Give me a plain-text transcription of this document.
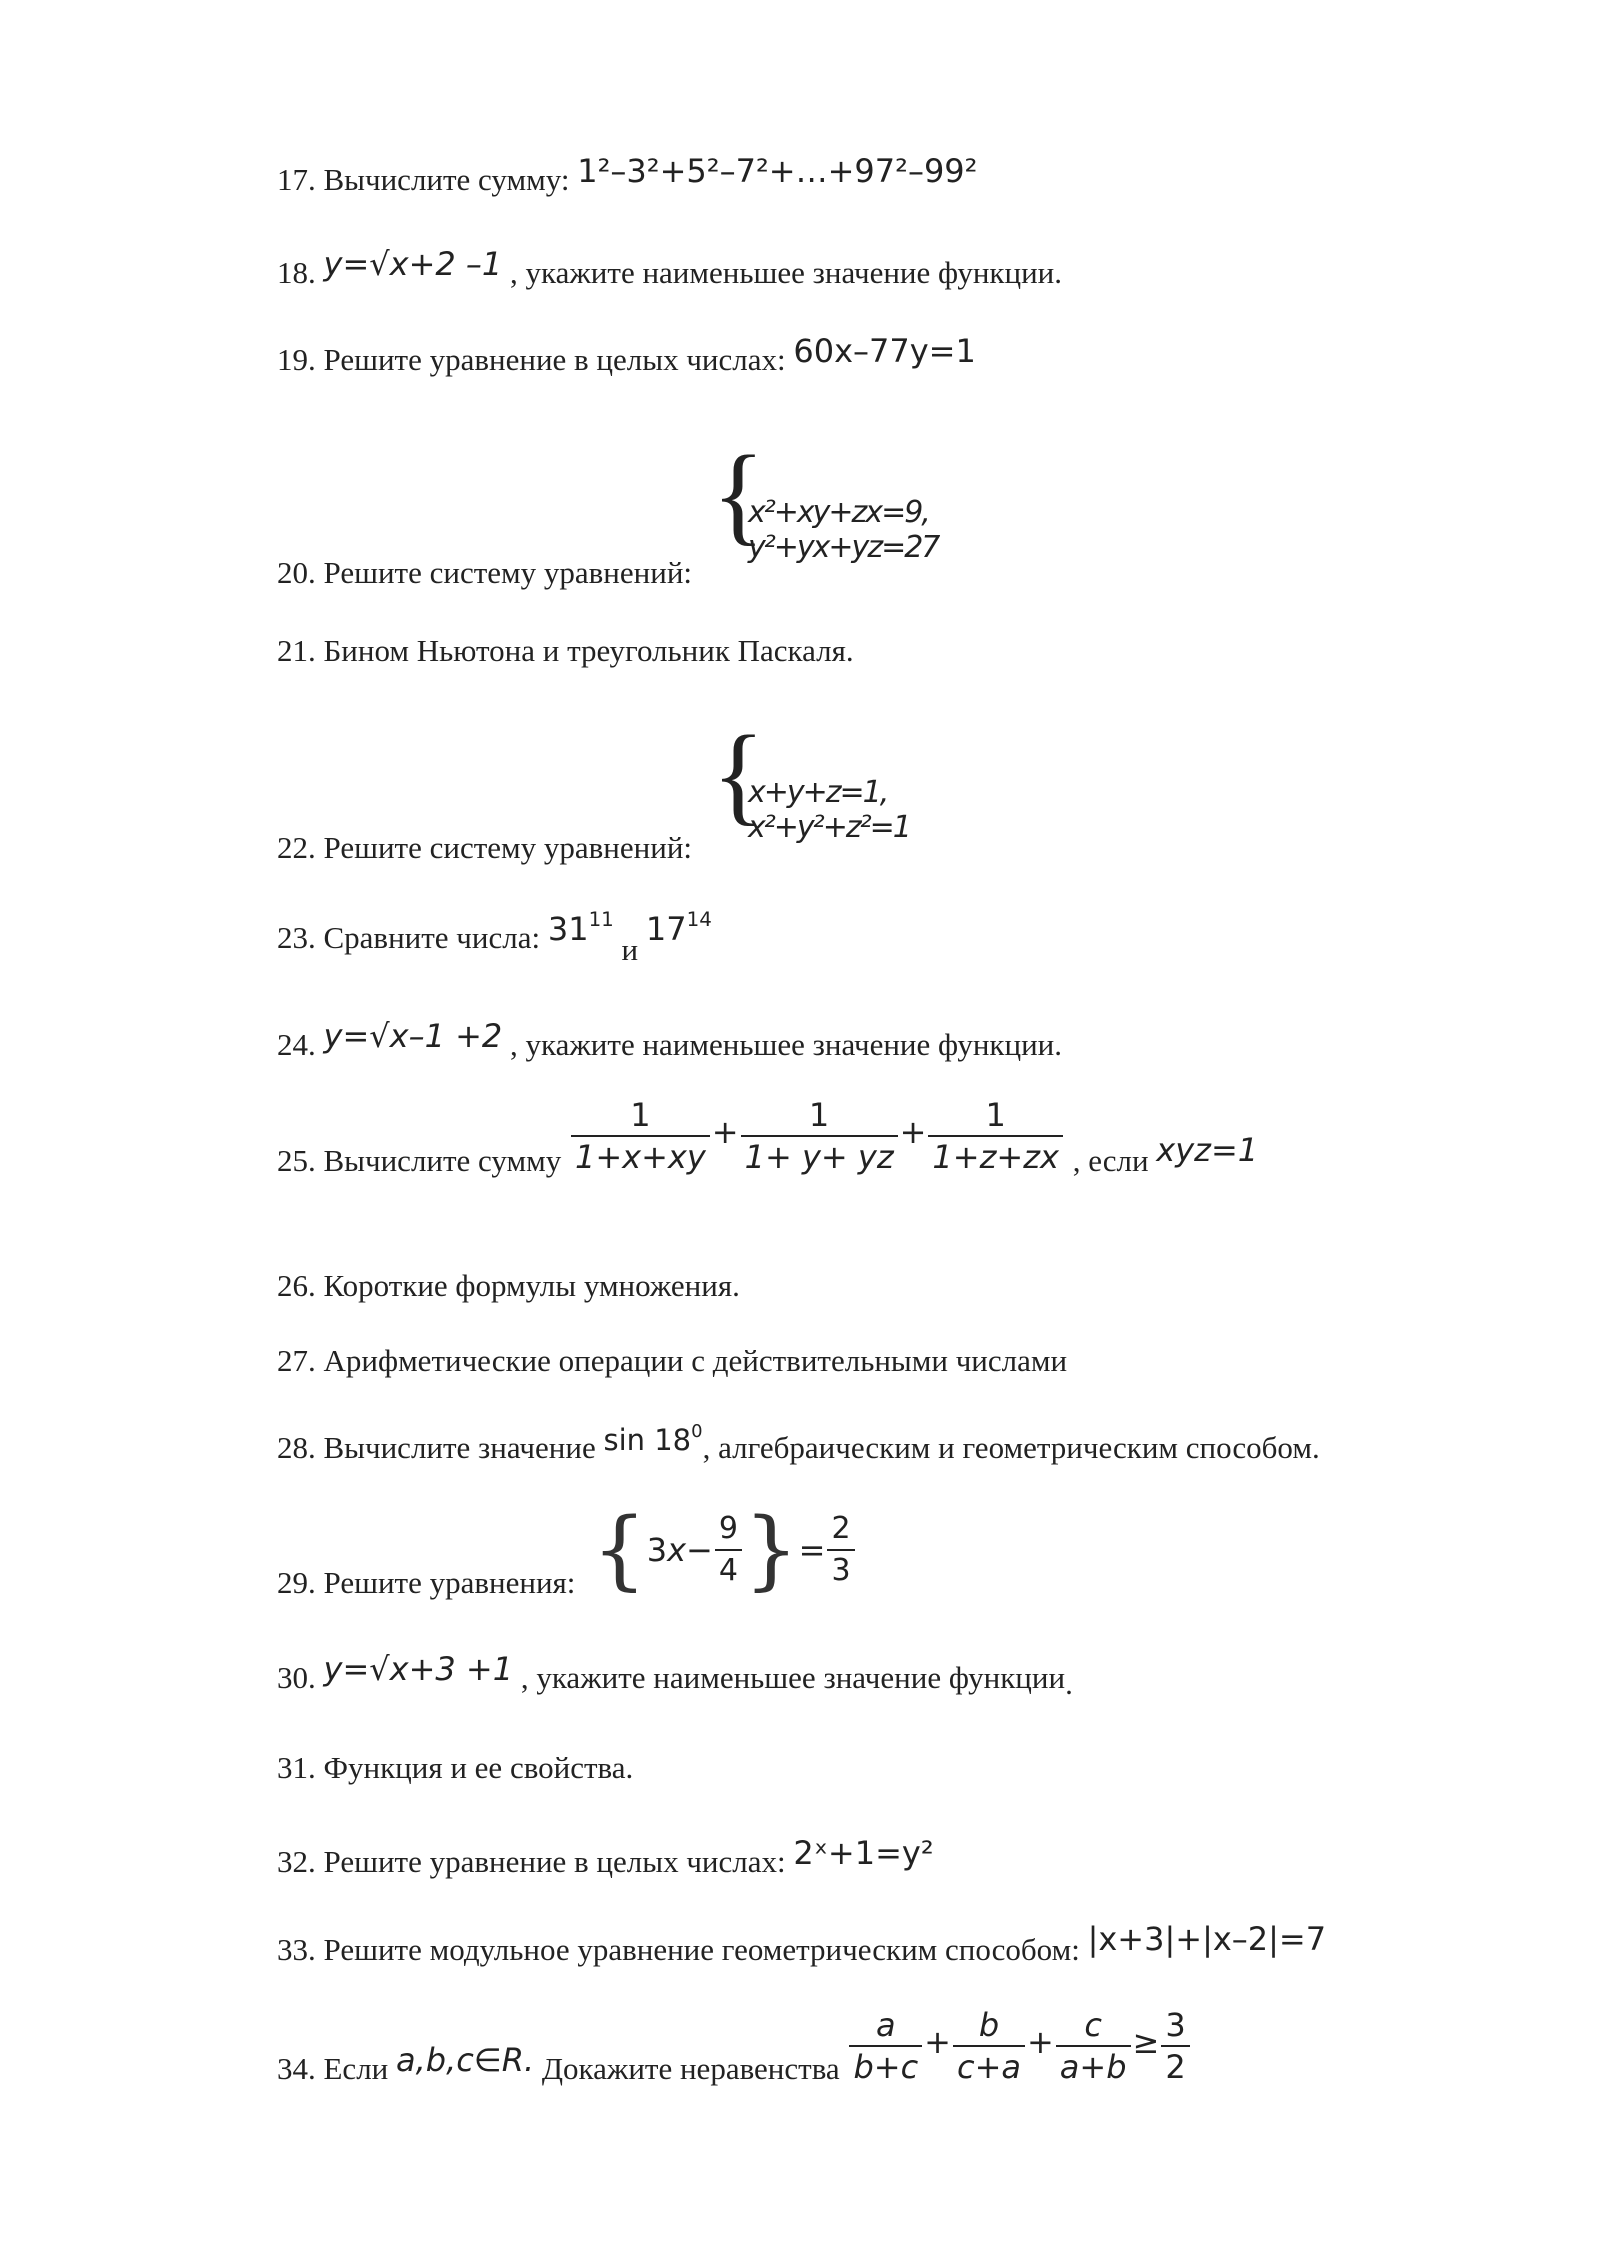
17. Вычислите сумму: 1²–3²+5²–7²+…+97²–99²
18. y=√x+2 –1 , укажите наименьшее значение функции.
19. Решите уравнение в целых числах: 60x–77y=1
20. Решите систему уравнений:
{
x²+xy+zx=9, y²+yx+yz=27
21. Бином Ньютона и треугольник Паскаля.
22. Решите систему уравнений:
{
x+y+z=1, x²+y²+z²=1
23. Сравните числа: $31^{11}$ и $17^{14}$
24. y=√x–1 +2 , укажите наименьшее значение функции.
25. Вычислите сумму $\frac{1}{1+x+xy} + \frac{1}{1+ y+ yz} + \frac{1}{1+z+zx}$ , если xyz=1
26. Короткие формулы умножения.
27. Арифметические операции с действительными числами
28. Вычислите значение $\sin 18^0$, алгебраическим и геометрическим способом.
29. Решите уравнения: {$3x- \frac{9}{4}$ }= $\frac{2}{3}$
30. y=√x+3 +1 , укажите наименьшее значение функции.
31. Функция и ее свойства.
32. Решите уравнение в целых числах: 2ˣ+1=y²
33. Решите модульное уравнение геометрическим способом: |x+3|+|x–2|=7
34. Если a,b,c∈R. Докажите неравенства $\frac{a}{b+c} + \frac{b}{c+a} + \frac{c}{a+b} \ge \frac{3}{2}$
